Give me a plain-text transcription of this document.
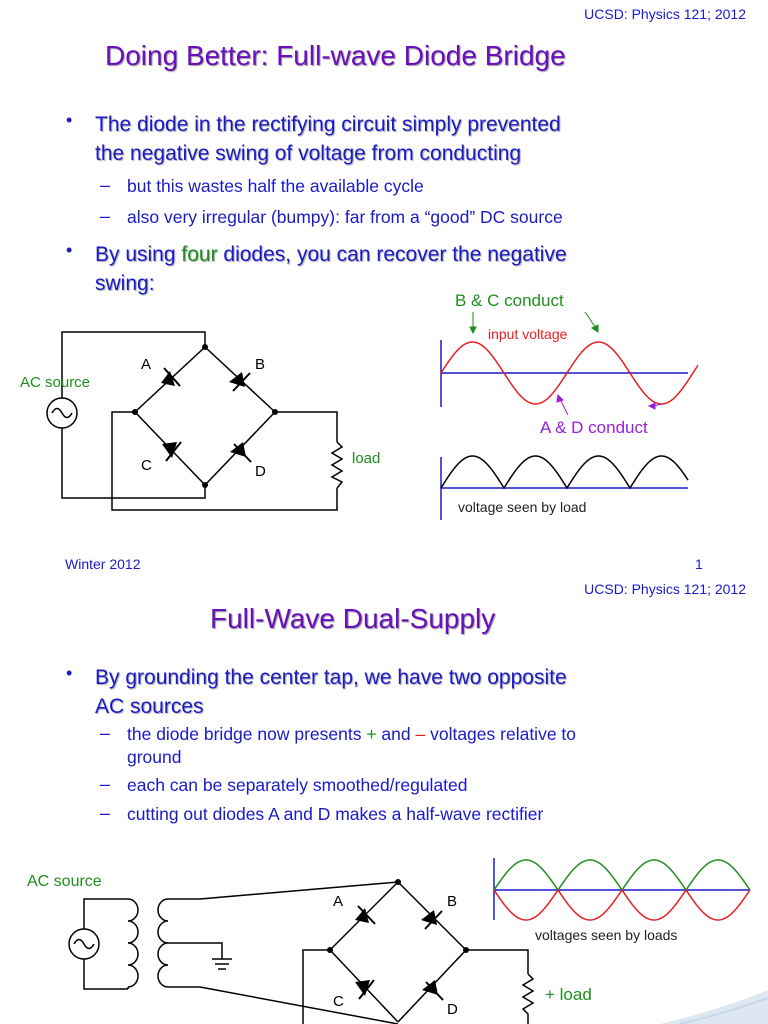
UCSD: Physics 121; 2012
Doing Better: Full-wave Diode Bridge
• The diode in the rectifying circuit simply prevented
the negative swing of voltage from conducting
– but this wastes half the available cycle
– also very irregular (bumpy): far from a “good” DC source
• By using four diodes, you can recover the negative
swing:
AC source
A	B
C	D
load
B & C conduct
input voltage
A & D conduct
voltage seen by load
Winter 2012	1
UCSD: Physics 121; 2012
Full-Wave Dual-Supply
• By grounding the center tap, we have two opposite
AC sources
– the diode bridge now presents + and – voltages relative to
ground
– each can be separately smoothed/regulated
– cutting out diodes A and D makes a half-wave rectifier
AC source
A	B
C	D
+ load
voltages seen by loads
